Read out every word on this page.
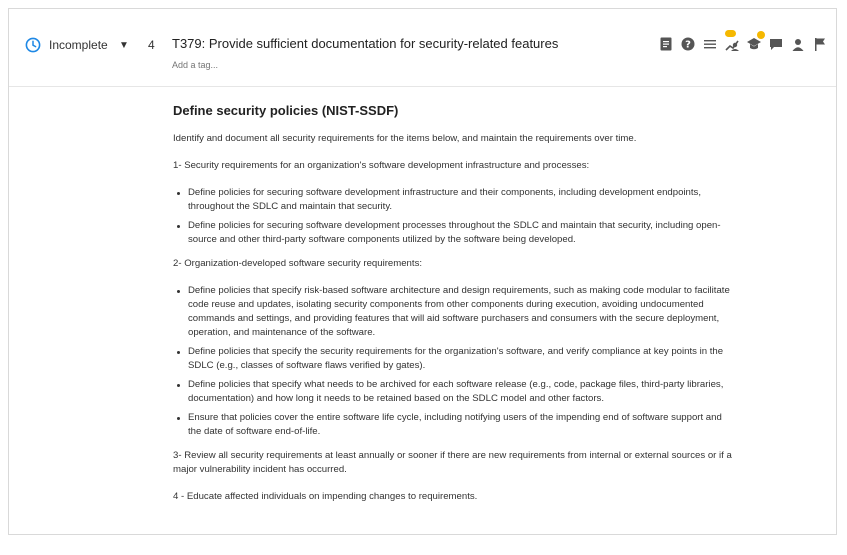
Incomplete	▼ 4 T379: Provide sufficient documentation for security-related features
Add a tag...	?
Define security policies (NIST-SSDF)

Identify and document all security requirements for the items below, and maintain the requirements over time.

1- Security requirements for an organization's software development infrastructure and processes:

Define policies for securing software development infrastructure and their components, including development endpoints, throughout the SDLC and maintain that security.
Define policies for securing software development processes throughout the SDLC and maintain that security, including open-source and other third-party software components utilized by the software being developed.

2- Organization-developed software security requirements:

Define policies that specify risk-based software architecture and design requirements, such as making code modular to facilitate code reuse and updates, isolating security components from other components during execution, avoiding undocumented commands and settings, and providing features that will aid software purchasers and consumers with the secure deployment, operation, and maintenance of the software.
Define policies that specify the security requirements for the organization's software, and verify compliance at key points in the SDLC (e.g., classes of software flaws verified by gates).
Define policies that specify what needs to be archived for each software release (e.g., code, package files, third-party libraries, documentation) and how long it needs to be retained based on the SDLC model and other factors.
Ensure that policies cover the entire software life cycle, including notifying users of the impending end of software support and the date of software end-of-life.

3- Review all security requirements at least annually or sooner if there are new requirements from internal or external sources or if a major vulnerability incident has occurred.

4 - Educate affected individuals on impending changes to requirements.
